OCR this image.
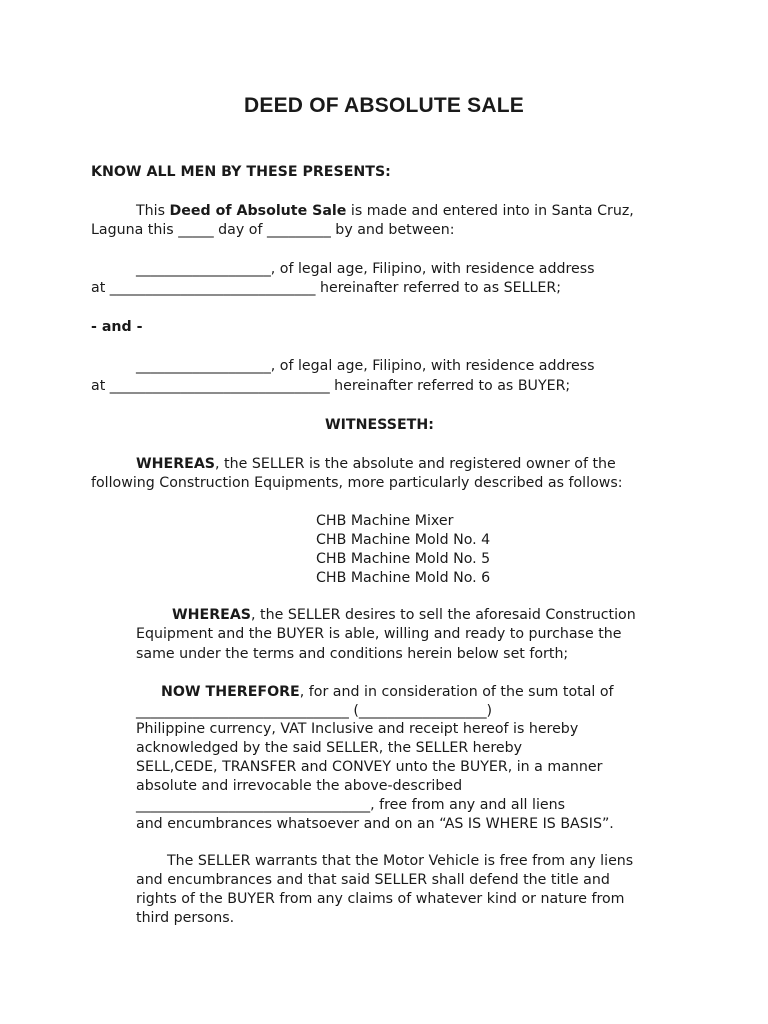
DEED OF ABSOLUTE SALE
KNOW ALL MEN BY THESE PRESENTS:
This Deed of Absolute Sale is made and entered into in Santa Cruz,
Laguna this _____ day of _________ by and between:
___________________, of legal age, Filipino, with residence address
at _____________________________ hereinafter referred to as SELLER;
- and -
___________________, of legal age, Filipino, with residence address
at _______________________________ hereinafter referred to as BUYER;
WITNESSETH:
WHEREAS, the SELLER is the absolute and registered owner of the
following Construction Equipments, more particularly described as follows:
CHB Machine Mixer
CHB Machine Mold No. 4
CHB Machine Mold No. 5
CHB Machine Mold No. 6
WHEREAS, the SELLER desires to sell the aforesaid Construction
Equipment and the BUYER is able, willing and ready to purchase the
same under the terms and conditions herein below set forth;
NOW THEREFORE, for and in consideration of the sum total of
______________________________ (__________________)
Philippine currency, VAT Inclusive and receipt hereof is hereby
acknowledged by the said SELLER, the SELLER hereby
SELL,CEDE, TRANSFER and CONVEY unto the BUYER, in a manner
absolute and irrevocable the above-described
_________________________________, free from any and all liens
and encumbrances whatsoever and on an “AS IS WHERE IS BASIS”.
The SELLER warrants that the Motor Vehicle is free from any liens
and encumbrances and that said SELLER shall defend the title and
rights of the BUYER from any claims of whatever kind or nature from
third persons.
